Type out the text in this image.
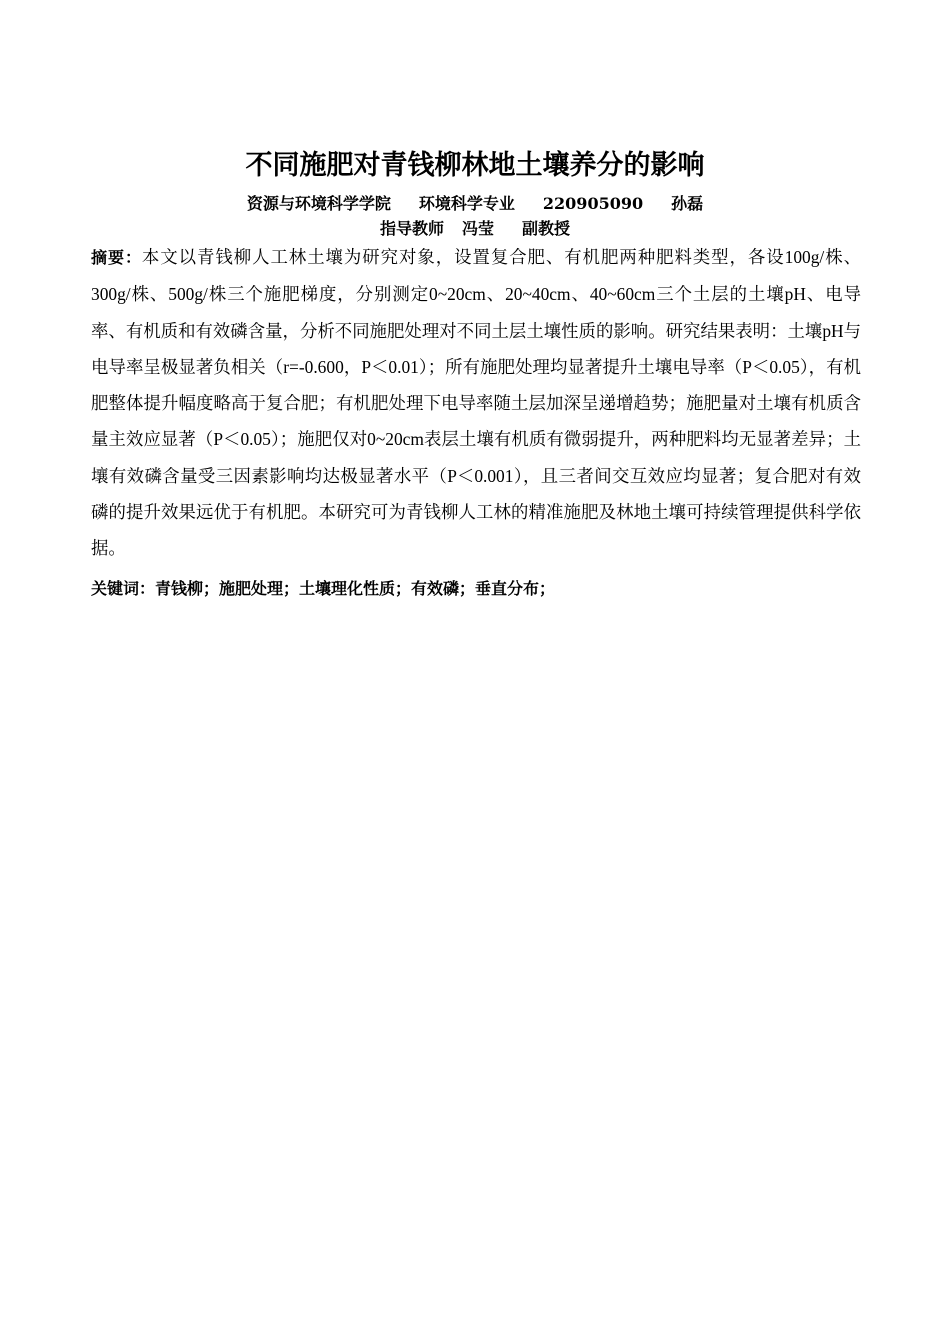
不同施肥对青钱柳林地土壤养分的影响
资源与环境科学学院 环境科学专业 220905090 孙磊
指导教师 冯莹 副教授

摘要：本文以青钱柳人工林土壤为研究对象，设置复合肥、有机肥两种肥料类型，各设100g/株、300g/株、500g/株三个施肥梯度，分别测定0~20cm、20~40cm、40~60cm三个土层的土壤pH、电导率、有机质和有效磷含量，分析不同施肥处理对不同土层土壤性质的影响。研究结果表明：土壤pH与电导率呈极显著负相关（r=-0.600，P＜0.01）；所有施肥处理均显著提升土壤电导率（P＜0.05），有机肥整体提升幅度略高于复合肥；有机肥处理下电导率随土层加深呈递增趋势；施肥量对土壤有机质含量主效应显著（P＜0.05）；施肥仅对0~20cm表层土壤有机质有微弱提升，两种肥料均无显著差异；土壤有效磷含量受三因素影响均达极显著水平（P＜0.001），且三者间交互效应均显著；复合肥对有效磷的提升效果远优于有机肥。本研究可为青钱柳人工林的精准施肥及林地土壤可持续管理提供科学依据。

关键词：青钱柳；施肥处理；土壤理化性质；有效磷；垂直分布；
